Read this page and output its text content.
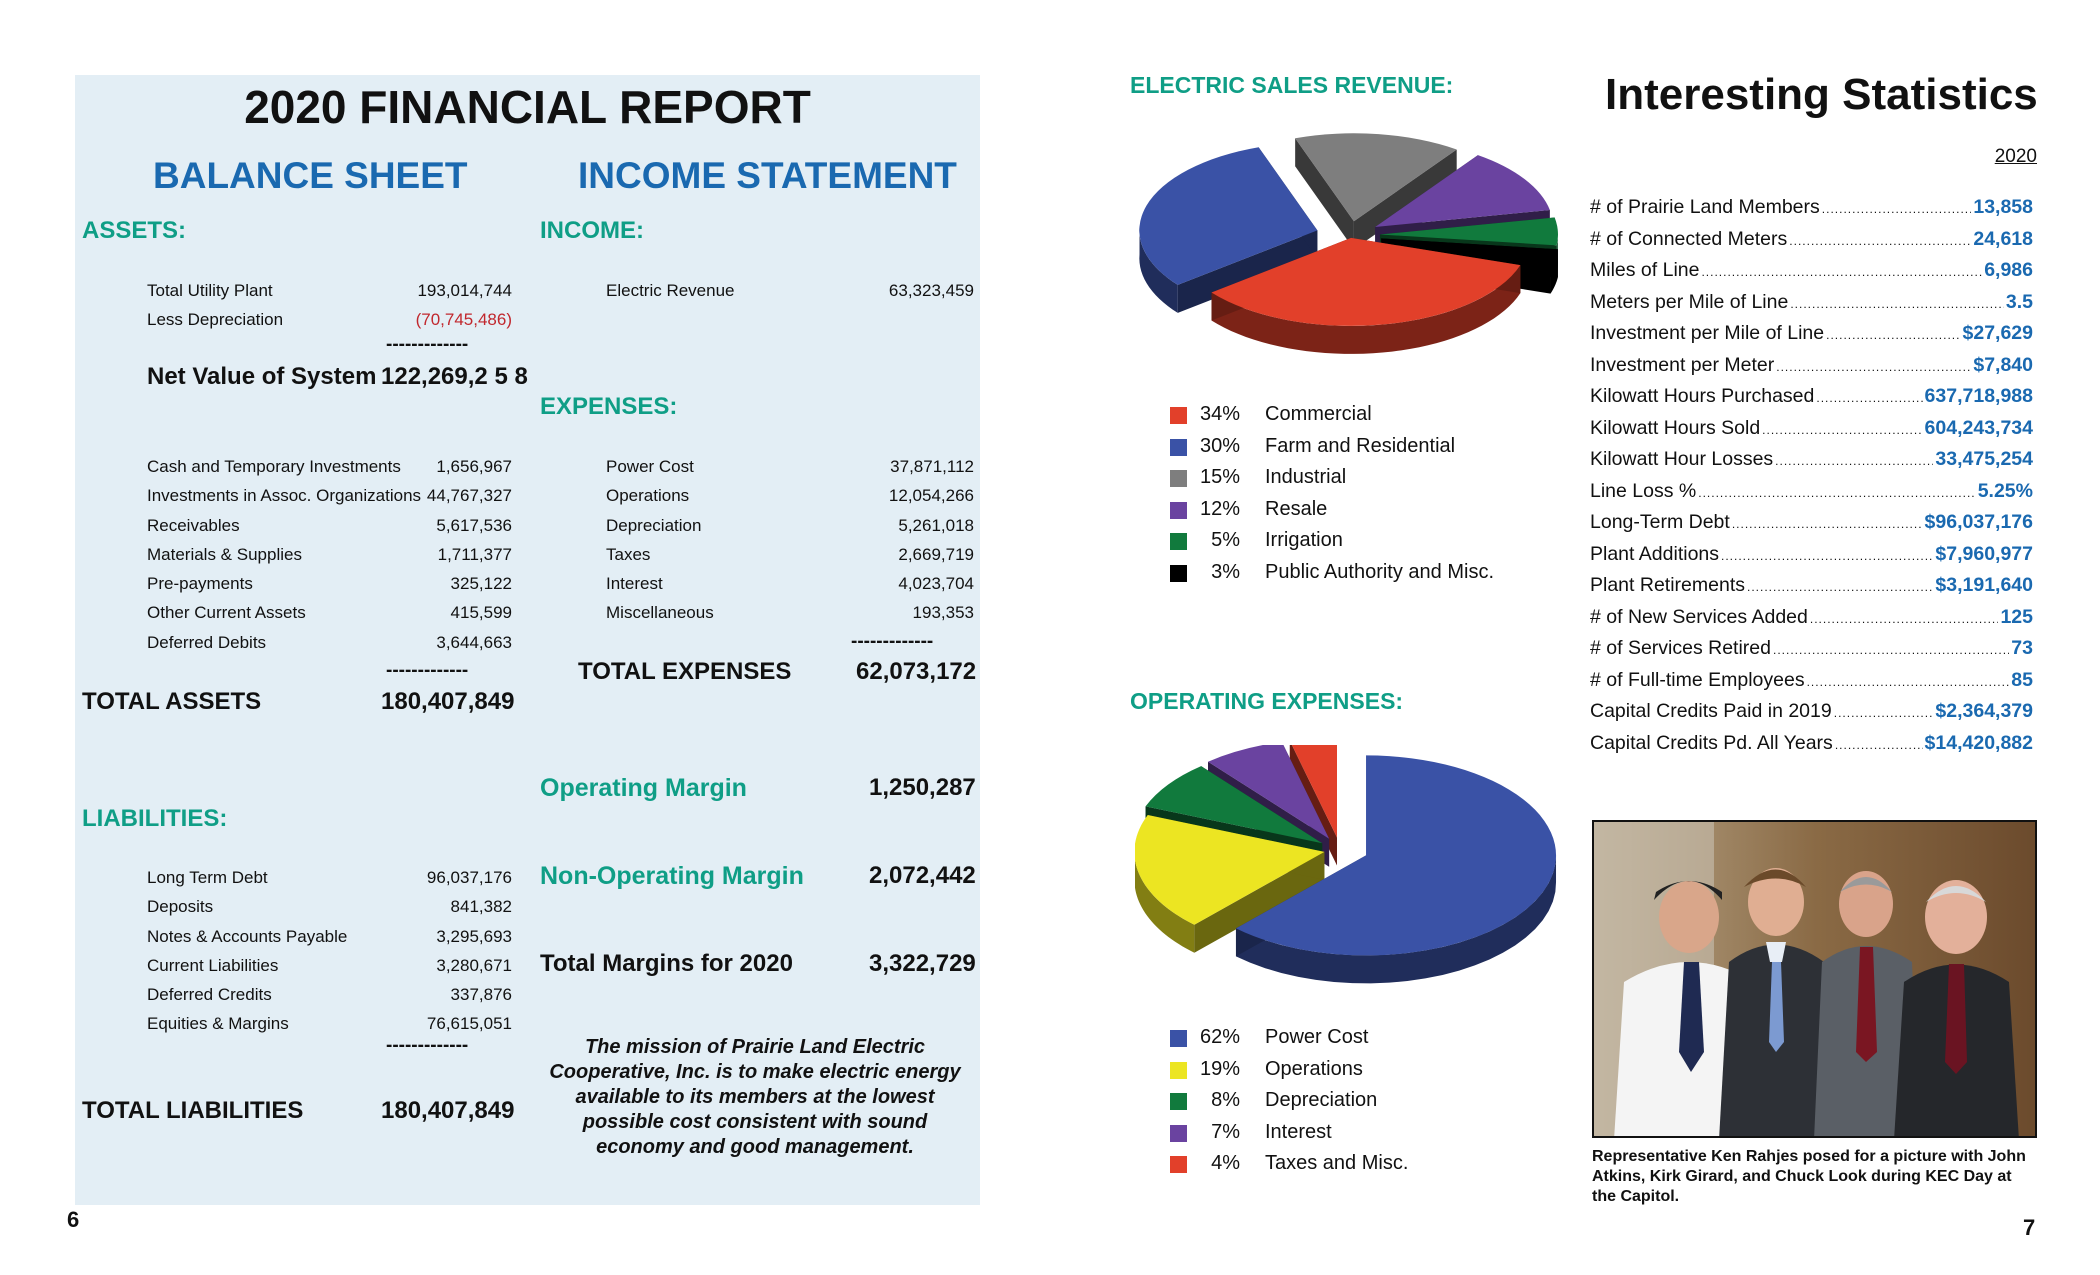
2020 FINANCIAL REPORT
BALANCE SHEET	INCOME STATEMENT
ASSETS:
Total Utility Plant	193,014,744
Less Depreciation	(70,745,486)
-------------
Net Value of System 122,269,2 5 8
Cash and Temporary Investments 1,656,967
Investments in Assoc. Organizations 44,767,327
Receivables	5,617,536
Materials & Supplies	1,711,377
Pre-payments	325,122
Other Current Assets	415,599
Deferred Debits	3,644,663
-------------
TOTAL ASSETS	180,407,849
LIABILITIES:
Long Term Debt	96,037,176
Deposits	841,382
Notes & Accounts Payable	3,295,693
Current Liabilities	3,280,671
Deferred Credits	337,876
Equities & Margins	76,615,051
-------------
TOTAL LIABILITIES	180,407,849
INCOME:
Electric Revenue	63,323,459
EXPENSES:
Power Cost	37,871,112
Operations	12,054,266
Depreciation	5,261,018
Taxes	2,669,719
Interest	4,023,704
Miscellaneous	193,353
-------------
TOTAL EXPENSES	62,073,172
Operating Margin	1,250,287
Non-Operating Margin	2,072,442
Total Margins for 2020	3,322,729
The mission of Prairie Land Electric Cooperative, Inc. is to make electric energy available to its members at the lowest possible cost consistent with sound economy and good management.
6	7
ELECTRIC SALES REVENUE:
34% Commercial
30% Farm and Residential
15% Industrial
12% Resale
5% Irrigation
3% Public Authority and Misc.
OPERATING EXPENSES:
62% Power Cost
19% Operations
8% Depreciation
7% Interest
4% Taxes and Misc.
Interesting Statistics
2020
# of Prairie Land Members .....	13,858
# of Connected Meters .....	24,618
Miles of Line .....	6,986
Meters per Mile of Line .....	3.5
Investment per Mile of Line .....	$27,629
Investment per Meter .....	$7,840
Kilowatt Hours Purchased .....	637,718,988
Kilowatt Hours Sold .....	604,243,734
Kilowatt Hour Losses .....	33,475,254
Line Loss % .....	5.25%
Long-Term Debt .....	$96,037,176
Plant Additions .....	$7,960,977
Plant Retirements .....	$3,191,640
# of New Services Added .....	125
# of Services Retired .....	73
# of Full-time Employees .....	85
Capital Credits Paid in 2019 .....	$2,364,379
Capital Credits Pd. All Years .....	$14,420,882
Representative Ken Rahjes posed for a picture with John Atkins, Kirk Girard, and Chuck Look during KEC Day at the Capitol.
